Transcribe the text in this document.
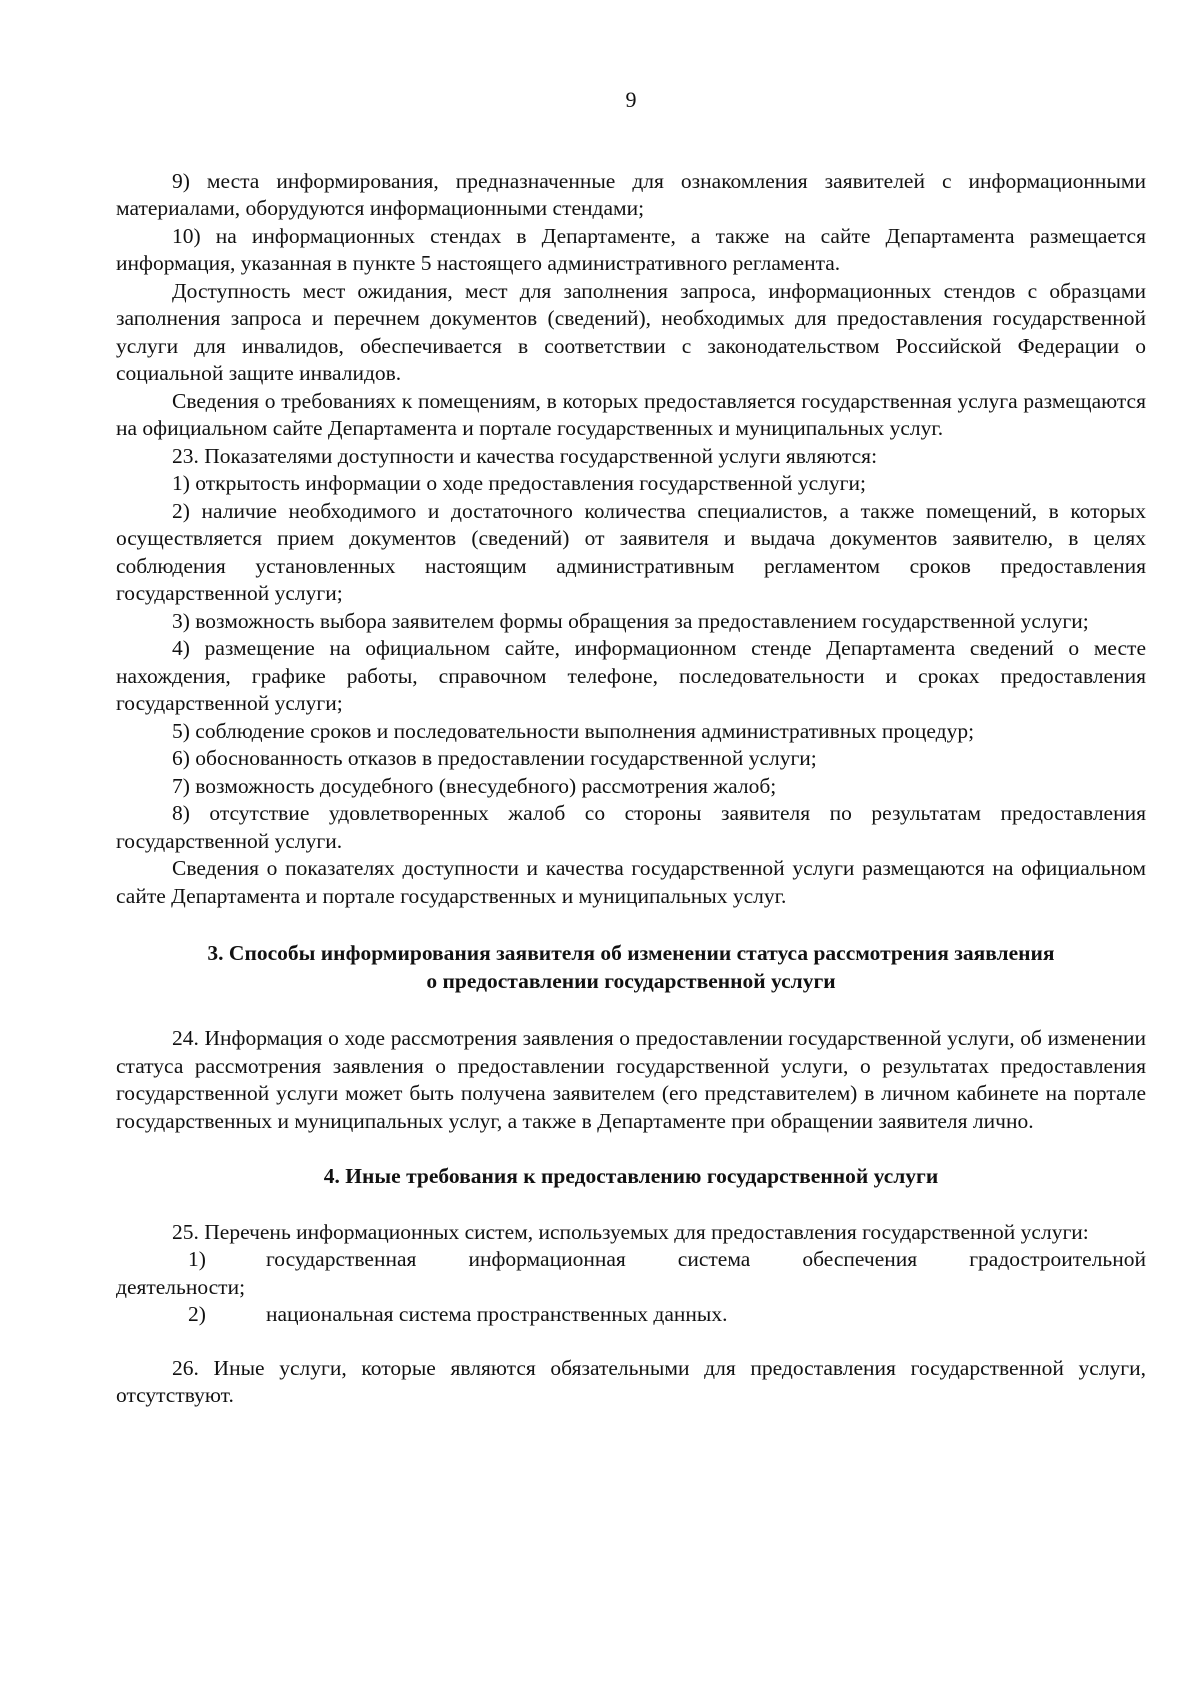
9

9) места информирования, предназначенные для ознакомления заявителей с информационными материалами, оборудуются информационными стендами;

10) на информационных стендах в Департаменте, а также на сайте Департамента размещается информация, указанная в пункте 5 настоящего административного регламента.

Доступность мест ожидания, мест для заполнения запроса, информационных стендов с образцами заполнения запроса и перечнем документов (сведений), необходимых для предоставления государственной услуги для инвалидов, обеспечивается в соответствии с законодательством Российской Федерации о социальной защите инвалидов.

Сведения о требованиях к помещениям, в которых предоставляется государственная услуга размещаются на официальном сайте Департамента и портале государственных и муниципальных услуг.

23. Показателями доступности и качества государственной услуги являются:

1) открытость информации о ходе предоставления государственной услуги;

2) наличие необходимого и достаточного количества специалистов, а также помещений, в которых осуществляется прием документов (сведений) от заявителя и выдача документов заявителю, в целях соблюдения установленных настоящим административным регламентом сроков предоставления государственной услуги;

3) возможность выбора заявителем формы обращения за предоставлением государственной услуги;

4) размещение на официальном сайте, информационном стенде Департамента сведений о месте нахождения, графике работы, справочном телефоне, последовательности и сроках предоставления государственной услуги;

5) соблюдение сроков и последовательности выполнения административных процедур;

6) обоснованность отказов в предоставлении государственной услуги;

7) возможность досудебного (внесудебного) рассмотрения жалоб;

8) отсутствие удовлетворенных жалоб со стороны заявителя по результатам предоставления государственной услуги.

Сведения о показателях доступности и качества государственной услуги размещаются на официальном сайте Департамента и портале государственных и муниципальных услуг.

3. Способы информирования заявителя об изменении статуса рассмотрения заявления
о предоставлении государственной услуги

24. Информация о ходе рассмотрения заявления о предоставлении государственной услуги, об изменении статуса рассмотрения заявления о предоставлении государственной услуги, о результатах предоставления государственной услуги может быть получена заявителем (его представителем) в личном кабинете на портале государственных и муниципальных услуг, а также в Департаменте при обращении заявителя лично.

4. Иные требования к предоставлению государственной услуги

25. Перечень информационных систем, используемых для предоставления государственной услуги:

1)	государственная информационная система обеспечения градостроительной
деятельности;
2)	национальная система пространственных данных.

26. Иные услуги, которые являются обязательными для предоставления государственной услуги, отсутствуют.
